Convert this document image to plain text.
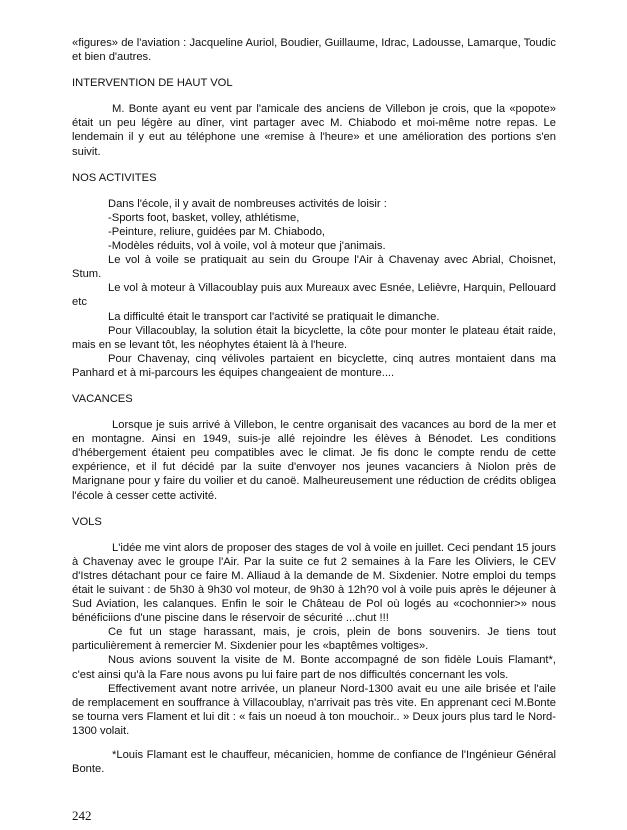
«figures» de l'aviation : Jacqueline Auriol, Boudier, Guillaume, Idrac, Ladousse, Lamarque, Toudic et bien d'autres.

INTERVENTION DE HAUT VOL

M. Bonte ayant eu vent par l'amicale des anciens de Villebon je crois, que la «popote» était un peu légère au dîner, vint partager avec M. Chiabodo et moi-même notre repas. Le lendemain il y eut au téléphone une «remise à l'heure» et une amélioration des portions s'en suivit.

NOS ACTIVITES

Dans l'école, il y avait de nombreuses activités de loisir :

-Sports foot, basket, volley, athlétisme,

-Peinture, reliure, guidées par M. Chiabodo,

-Modèles réduits, vol à voile, vol à moteur que j'animais.

Le vol à voile se pratiquait au sein du Groupe l'Air à Chavenay avec Abrial, Choisnet, Stum.

Le vol à moteur à Villacoublay puis aux Mureaux avec Esnée, Lelièvre, Harquin, Pellouard etc

La difficulté était le transport car l'activité se pratiquait le dimanche.

Pour Villacoublay, la solution était la bicyclette, la côte pour monter le plateau était raide, mais en se levant tôt, les néophytes étaient là à l'heure.

Pour Chavenay, cinq vélivoles partaient en bicyclette, cinq autres montaient dans ma Panhard et à mi-parcours les équipes changeaient de monture....

VACANCES

Lorsque je suis arrivé à Villebon, le centre organisait des vacances au bord de la mer et en montagne. Ainsi en 1949, suis-je allé rejoindre les élèves à Bénodet. Les conditions d'hébergement étaient peu compatibles avec le climat. Je fis donc le compte rendu de cette expérience, et il fut décidé par la suite d'envoyer nos jeunes vacanciers à Niolon près de Marignane pour y faire du voilier et du canoë. Malheureusement une réduction de crédits obligea l'école à cesser cette activité.

VOLS

L'idée me vint alors de proposer des stages de vol à voile en juillet. Ceci pendant 15 jours à Chavenay avec le groupe l'Air. Par la suite ce fut 2 semaines à la Fare les Oliviers, le CEV d'Istres détachant pour ce faire M. Alliaud à la demande de M. Sixdenier. Notre emploi du temps était le suivant : de 5h30 à 9h30 vol moteur, de 9h30 à 12h?0 vol à voile puis après le déjeuner à Sud Aviation, les calanques. Enfin le soir le Château de Pol où logés au «cochonnier>» nous bénéficiions d'une piscine dans le réservoir de sécurité ...chut !!!

Ce fut un stage harassant, mais, je crois, plein de bons souvenirs. Je tiens tout particulièrement à remercier M. Sixdenier pour les «baptêmes voltiges».

Nous avions souvent la visite de M. Bonte accompagné de son fidèle Louis Flamant*, c'est ainsi qu'à la Fare nous avons pu lui faire part de nos difficultés concernant les vols.

Effectivement avant notre arrivée, un planeur Nord-1300 avait eu une aile brisée et l'aile de remplacement en souffrance à Villacoublay, n'arrivait pas très vite. En apprenant ceci M.Bonte se tourna vers Flament et lui dit : « fais un noeud à ton mouchoir.. » Deux jours plus tard le Nord- 1300 volait.

*Louis Flamant est le chauffeur, mécanicien, homme de confiance de l'Ingénieur Général Bonte.

242
